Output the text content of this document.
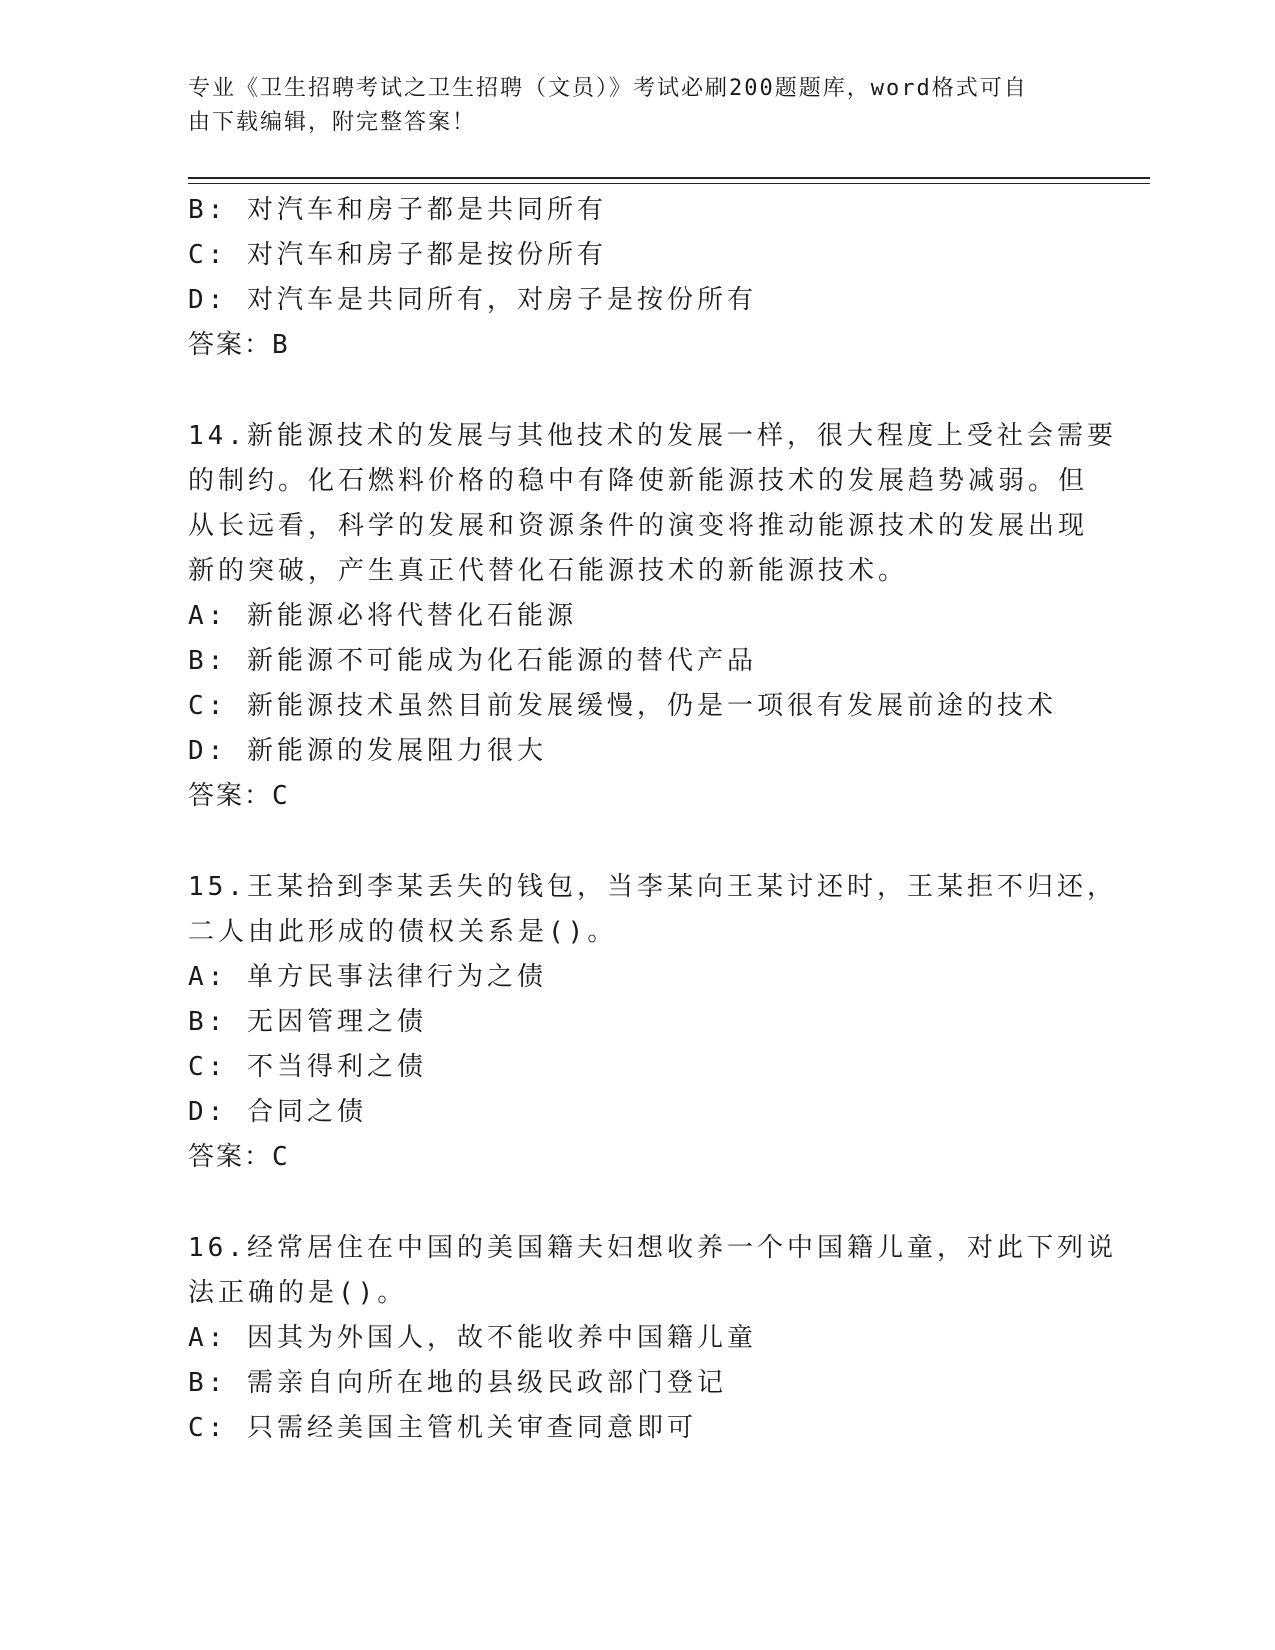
专业《卫生招聘考试之卫生招聘（文员）》考试必刷200题题库，word格式可自
由下载编辑，附完整答案！
B: 对汽车和房子都是共同所有
C: 对汽车和房子都是按份所有
D: 对汽车是共同所有，对房子是按份所有
答案：B
14.新能源技术的发展与其他技术的发展一样，很大程度上受社会需要
的制约。化石燃料价格的稳中有降使新能源技术的发展趋势减弱。但
从长远看，科学的发展和资源条件的演变将推动能源技术的发展出现
新的突破，产生真正代替化石能源技术的新能源技术。
A: 新能源必将代替化石能源
B: 新能源不可能成为化石能源的替代产品
C: 新能源技术虽然目前发展缓慢，仍是一项很有发展前途的技术
D: 新能源的发展阻力很大
答案：C
15.王某拾到李某丢失的钱包，当李某向王某讨还时，王某拒不归还，
二人由此形成的债权关系是()。
A: 单方民事法律行为之债
B: 无因管理之债
C: 不当得利之债
D: 合同之债
答案：C
16.经常居住在中国的美国籍夫妇想收养一个中国籍儿童，对此下列说
法正确的是()。
A: 因其为外国人，故不能收养中国籍儿童
B: 需亲自向所在地的县级民政部门登记
C: 只需经美国主管机关审查同意即可
